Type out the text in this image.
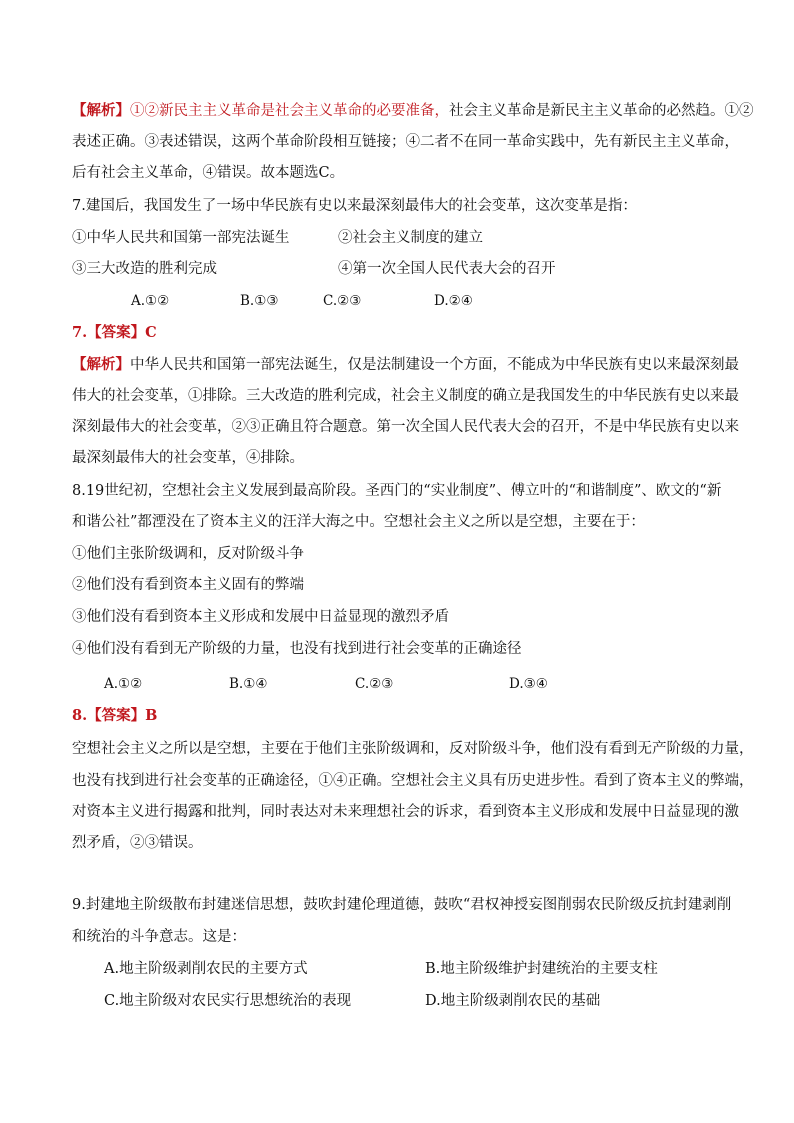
【解析】①②新民主主义革命是社会主义革命的必要准备，社会主义革命是新民主主义革命的必然趋。①②
表述正确。③表述错误，这两个革命阶段相互链接；④二者不在同一革命实践中，先有新民主主义革命，
后有社会主义革命，④错误。故本题选C。
7.建国后，我国发生了一场中华民族有史以来最深刻最伟大的社会变革，这次变革是指：
①中华人民共和国第一部宪法诞生	②社会主义制度的建立
③三大改造的胜利完成	④第一次全国人民代表大会的召开
A.①②	B.①③	C.②③	D.②④
7.【答案】C
【解析】中华人民共和国第一部宪法诞生，仅是法制建设一个方面，不能成为中华民族有史以来最深刻最
伟大的社会变革，①排除。三大改造的胜利完成，社会主义制度的确立是我国发生的中华民族有史以来最
深刻最伟大的社会变革，②③正确且符合题意。第一次全国人民代表大会的召开，不是中华民族有史以来
最深刻最伟大的社会变革，④排除。
8.19世纪初，空想社会主义发展到最高阶段。圣西门的“实业制度”、傅立叶的“和谐制度”、欧文的“新
和谐公社”都湮没在了资本主义的汪洋大海之中。空想社会主义之所以是空想，主要在于：
①他们主张阶级调和，反对阶级斗争
②他们没有看到资本主义固有的弊端
③他们没有看到资本主义形成和发展中日益显现的激烈矛盾
④他们没有看到无产阶级的力量，也没有找到进行社会变革的正确途径
A.①②	B.①④	C.②③	D.③④
8.【答案】B
空想社会主义之所以是空想，主要在于他们主张阶级调和，反对阶级斗争，他们没有看到无产阶级的力量，
也没有找到进行社会变革的正确途径，①④正确。空想社会主义具有历史进步性。看到了资本主义的弊端，
对资本主义进行揭露和批判，同时表达对未来理想社会的诉求，看到资本主义形成和发展中日益显现的激
烈矛盾，②③错误。
9.封建地主阶级散布封建迷信思想，鼓吹封建伦理道德，鼓吹“君权神授妄图削弱农民阶级反抗封建剥削
和统治的斗争意志。这是：
A.地主阶级剥削农民的主要方式	B.地主阶级维护封建统治的主要支柱
C.地主阶级对农民实行思想统治的表现	D.地主阶级剥削农民的基础
